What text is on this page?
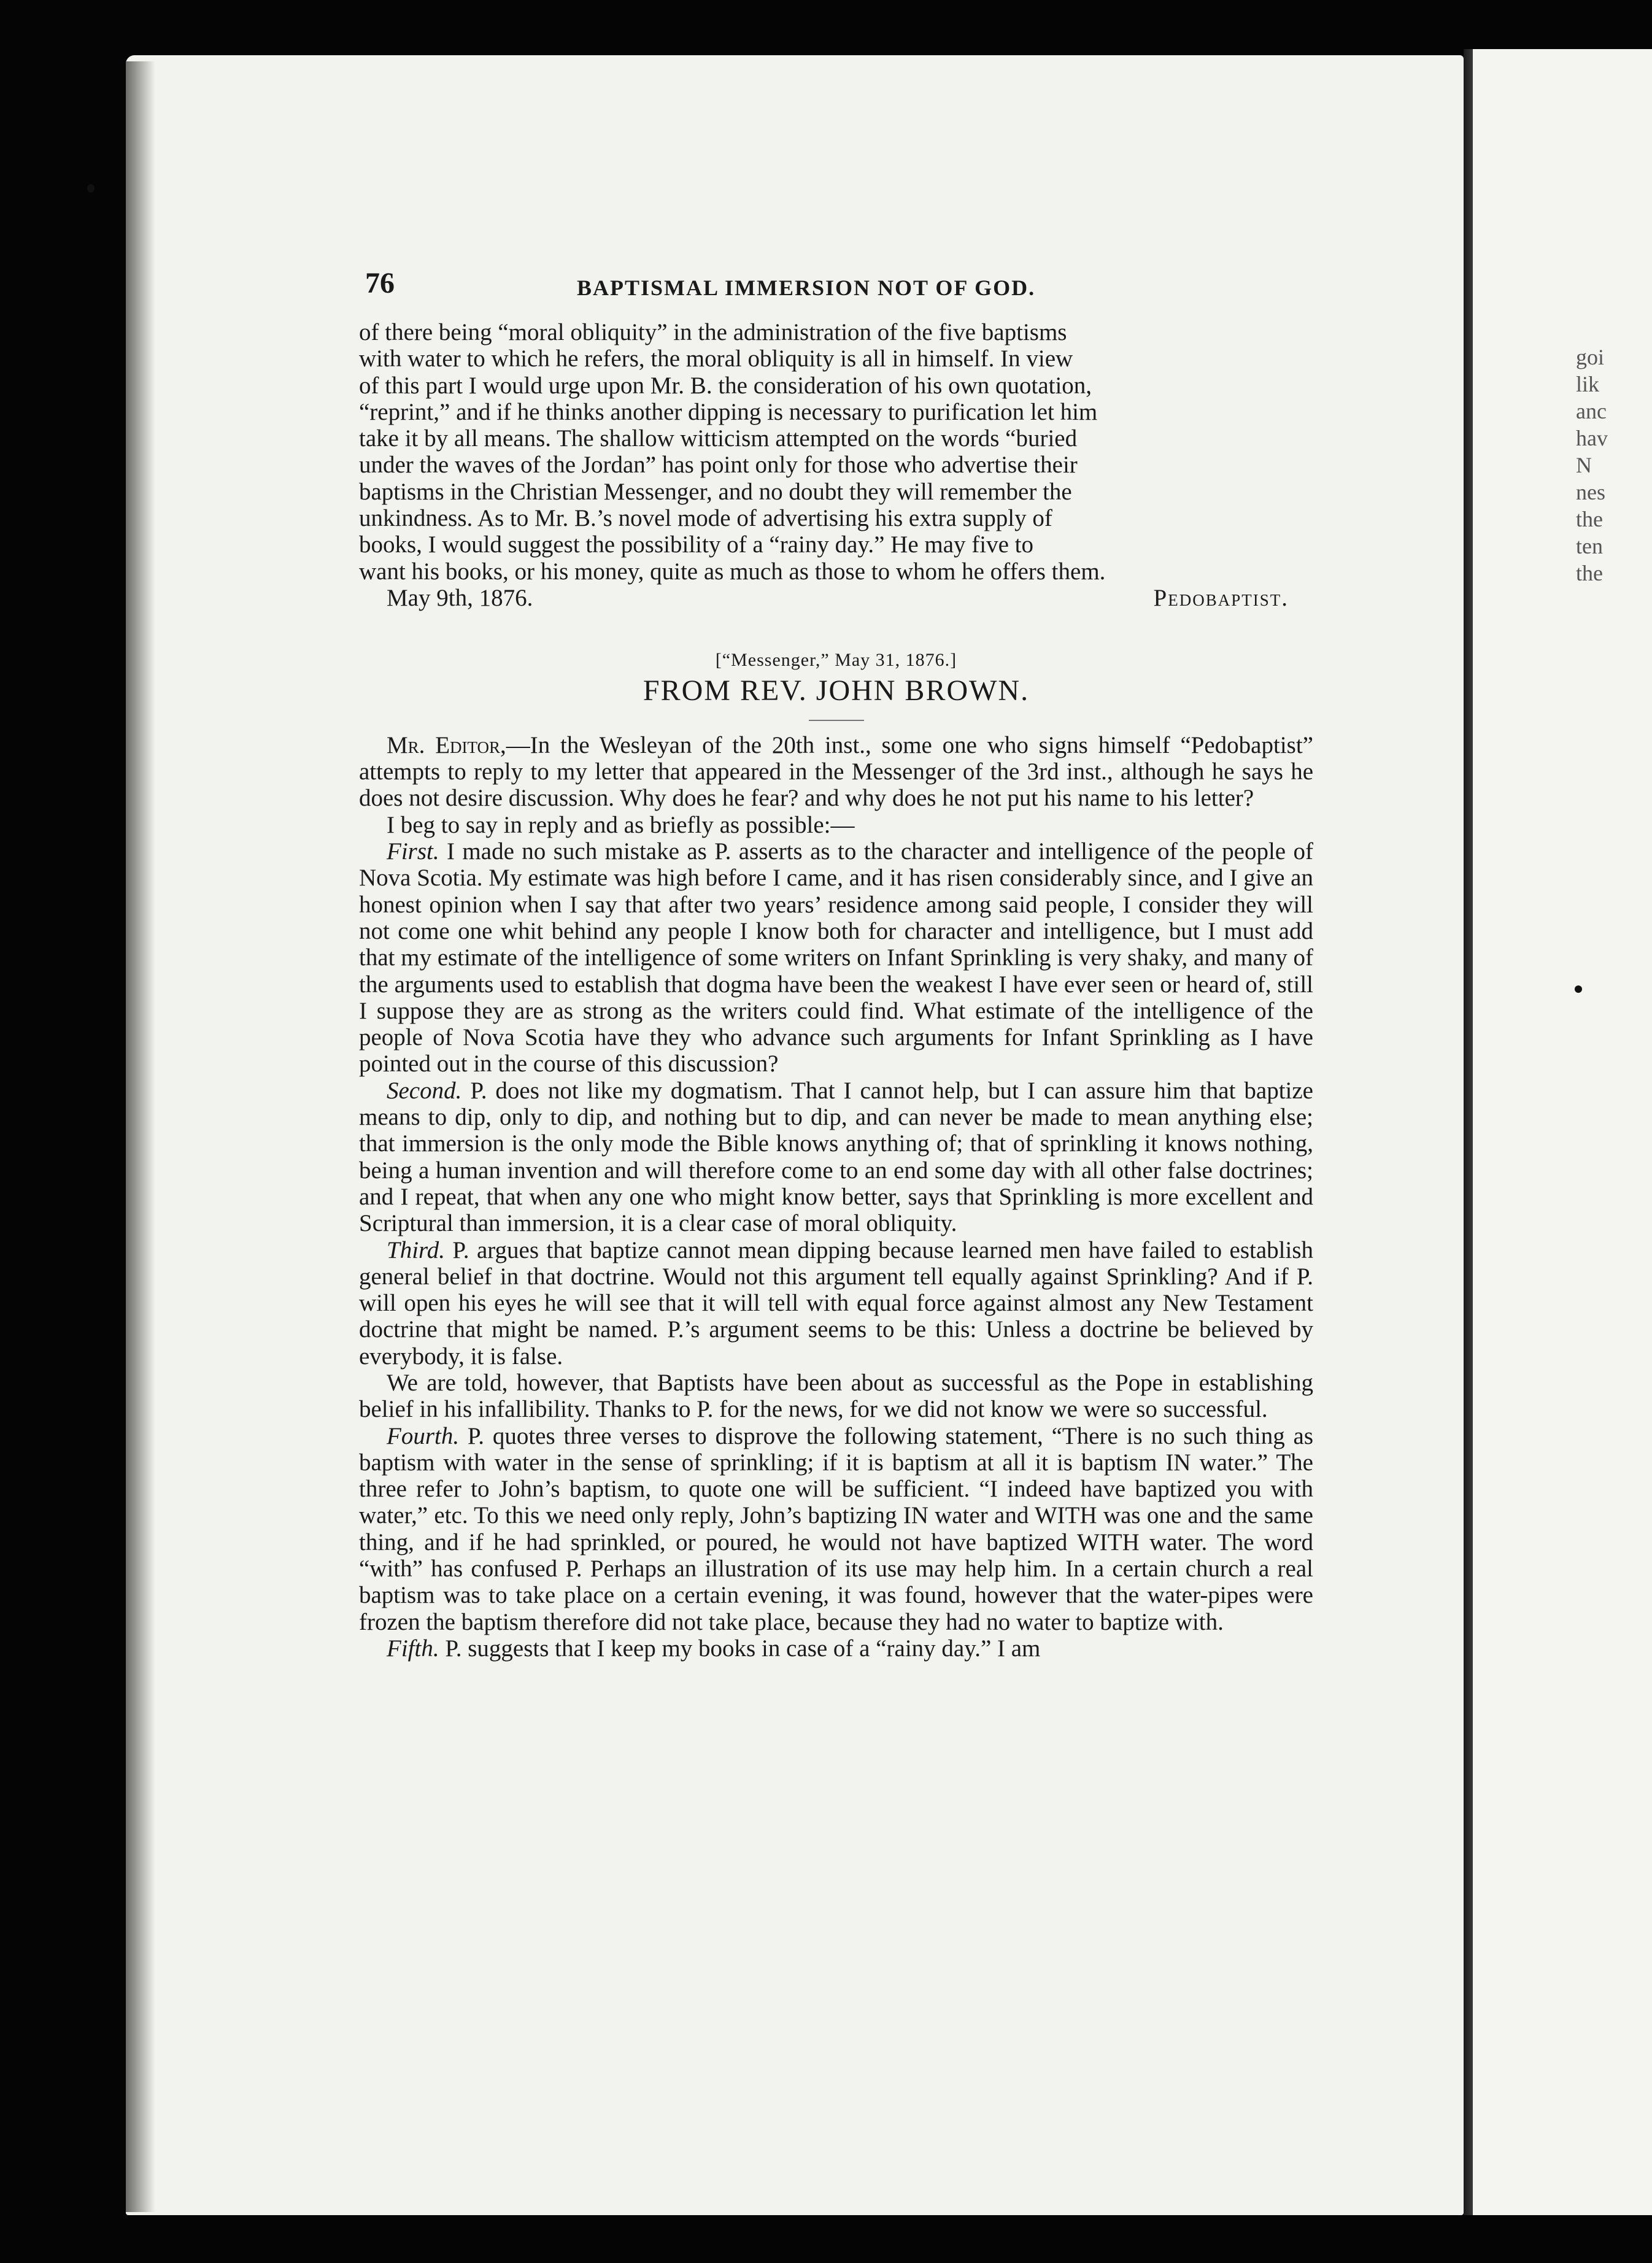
goi
lik
anc
hav
N
nes
the
ten
the
76	BAPTISMAL IMMERSION NOT OF GOD.
of there being “moral obliquity” in the administration of the five baptisms
with water to which he refers, the moral obliquity is all in himself. In view
of this part I would urge upon Mr. B. the consideration of his own quotation,
“reprint,” and if he thinks another dipping is necessary to purification let him
take it by all means. The shallow witticism attempted on the words “buried
under the waves of the Jordan” has point only for those who advertise their
baptisms in the Christian Messenger, and no doubt they will remember the
unkindness. As to Mr. B.’s novel mode of advertising his extra supply of
books, I would suggest the possibility of a “rainy day.” He may five to
want his books, or his money, quite as much as those to whom he offers them.
May 9th, 1876.	Pedobaptist.
[“Messenger,” May 31, 1876.]
FROM REV. JOHN BROWN.

Mr. Editor,—In the Wesleyan of the 20th inst., some one who signs himself “Pedobaptist” attempts to reply to my letter that appeared in the Messenger of the 3rd inst., although he says he does not desire discussion. Why does he fear? and why does he not put his name to his letter?

I beg to say in reply and as briefly as possible:—

First. I made no such mistake as P. asserts as to the character and intelligence of the people of Nova Scotia. My estimate was high before I came, and it has risen considerably since, and I give an honest opinion when I say that after two years’ residence among said people, I consider they will not come one whit behind any people I know both for character and intelligence, but I must add that my estimate of the intelligence of some writers on Infant Sprinkling is very shaky, and many of the arguments used to establish that dogma have been the weakest I have ever seen or heard of, still I suppose they are as strong as the writers could find. What estimate of the intelligence of the people of Nova Scotia have they who advance such arguments for Infant Sprinkling as I have pointed out in the course of this discussion?

Second. P. does not like my dogmatism. That I cannot help, but I can assure him that baptize means to dip, only to dip, and nothing but to dip, and can never be made to mean anything else; that immersion is the only mode the Bible knows anything of; that of sprinkling it knows nothing, being a human invention and will therefore come to an end some day with all other false doctrines; and I repeat, that when any one who might know better, says that Sprinkling is more excellent and Scriptural than immersion, it is a clear case of moral obliquity.

Third. P. argues that baptize cannot mean dipping because learned men have failed to establish general belief in that doctrine. Would not this argument tell equally against Sprinkling? And if P. will open his eyes he will see that it will tell with equal force against almost any New Testament doctrine that might be named. P.’s argument seems to be this: Unless a doctrine be believed by everybody, it is false.

We are told, however, that Baptists have been about as successful as the Pope in establishing belief in his infallibility. Thanks to P. for the news, for we did not know we were so successful.

Fourth. P. quotes three verses to disprove the following statement, “There is no such thing as baptism with water in the sense of sprinkling; if it is baptism at all it is baptism IN water.” The three refer to John’s baptism, to quote one will be sufficient. “I indeed have baptized you with water,” etc. To this we need only reply, John’s baptizing IN water and WITH was one and the same thing, and if he had sprinkled, or poured, he would not have baptized WITH water. The word “with” has confused P. Perhaps an illustration of its use may help him. In a certain church a real baptism was to take place on a certain evening, it was found, however that the water-pipes were frozen the baptism therefore did not take place, because they had no water to baptize with.

Fifth. P. suggests that I keep my books in case of a “rainy day.” I am
